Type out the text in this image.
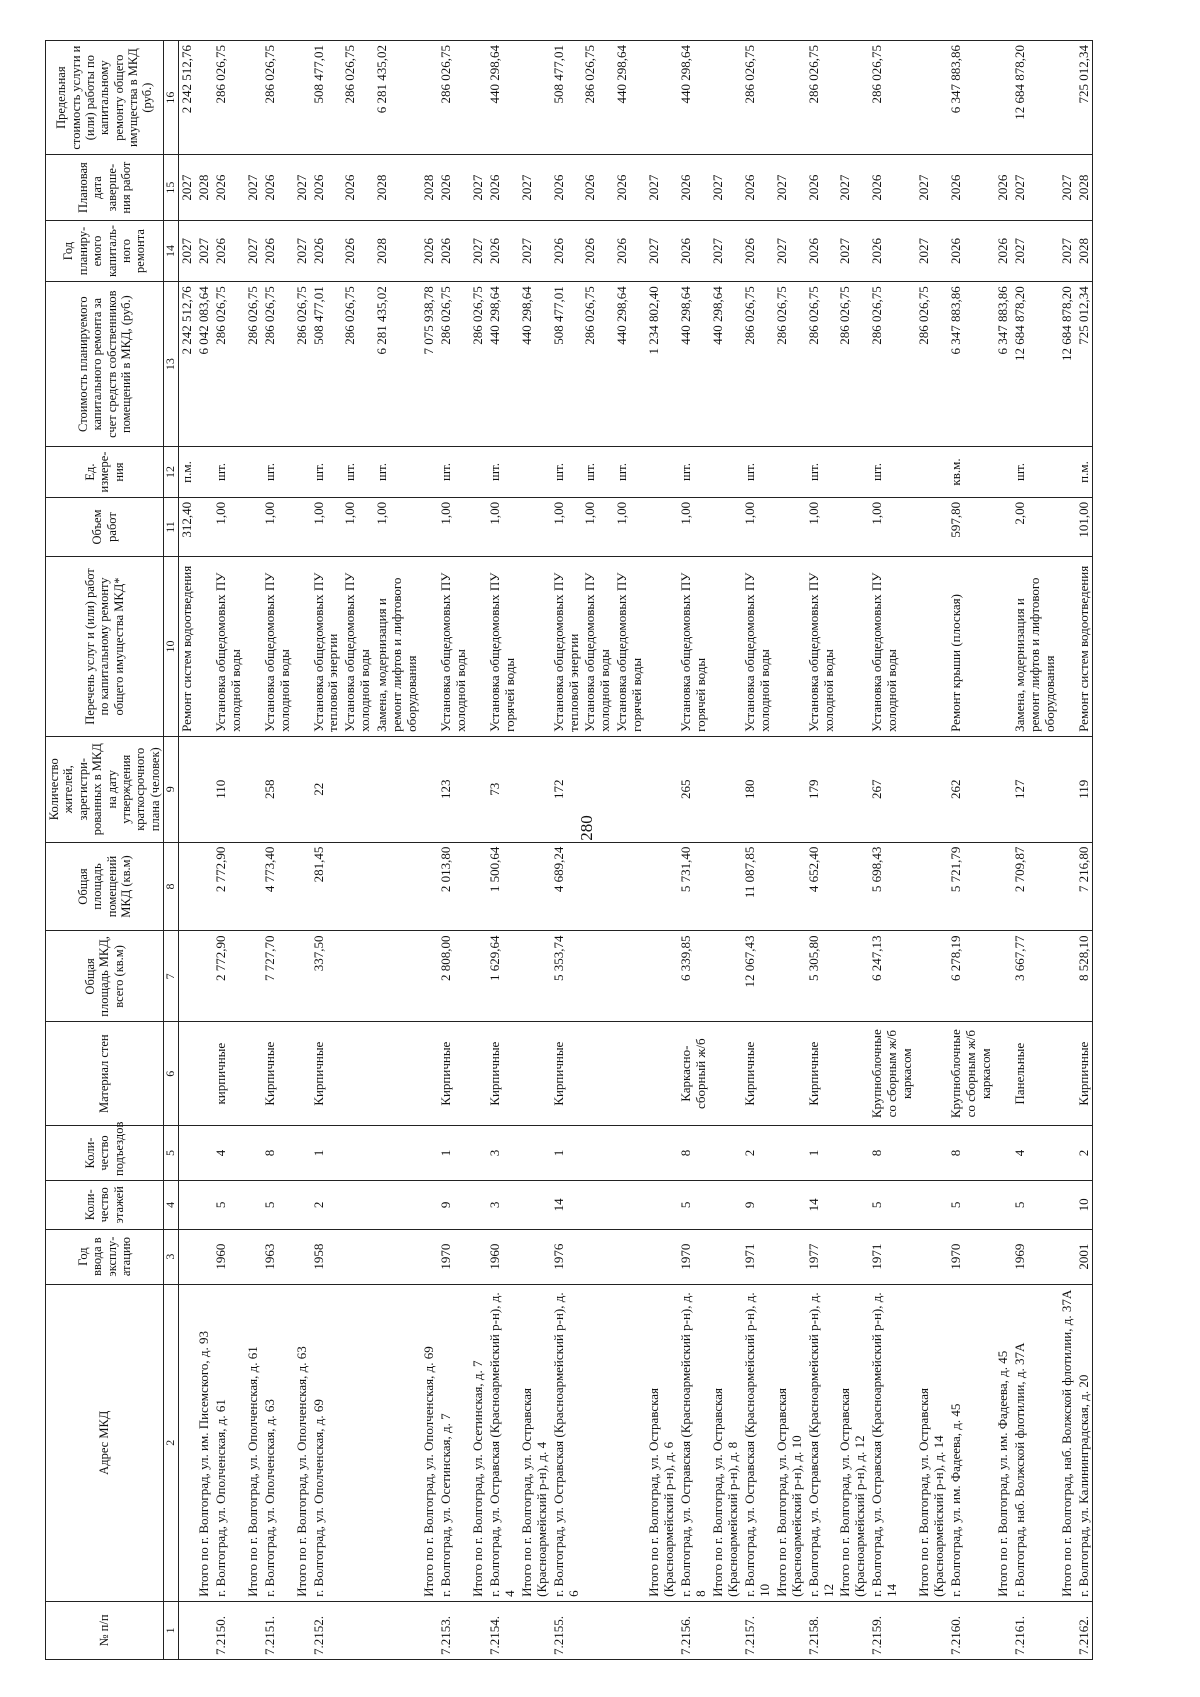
280
№ п/п	Адрес МКД	Год ввода в эксплу-атацию	Коли-чество этажей	Коли-чество подъездов	Материал стен	Общая площадь МКД, всего (кв.м)	Общая площадь помещений МКД (кв.м)	Количество жителей, зарегистри-рованных в МКД на дату утверждения краткосрочного плана (человек)	Перечень услуг и (или) работ по капитальному ремонту общего имущества МКД*	Объем работ	Ед. измере-ния	Стоимость планируемого капитального ремонта за счет средств собственников помещений в МКД, (руб.)	Год планиру-емого капиталь-ного ремонта	Плановая дата заверше-ния работ	Предельная стоимость услуги и (или) работы по капитальному ремонту общего имущества в МКД (руб.)
1	2	3	4	5	6	7	8	9	10	11	12	13	14	15	16
									Ремонт систем водоотведения	312,40	п.м.	2 242 512,76	2027	2027	2 242 512,76
	Итого по г. Волгоград, ул. им. Писемского, д. 93											6 042 083,64	2027	2028	
7.2150.	г. Волгоград, ул. Ополченская, д. 61	1960	5	4	кирпичные	2 772,90	2 772,90	110	Установка общедомовых ПУ холодной воды	1,00	шт.	286 026,75	2026	2026	286 026,75
	Итого по г. Волгоград, ул. Ополченская, д. 61											286 026,75	2027	2027	
7.2151.	г. Волгоград, ул. Ополченская, д. 63	1963	5	8	Кирпичные	7 727,70	4 773,40	258	Установка общедомовых ПУ холодной воды	1,00	шт.	286 026,75	2026	2026	286 026,75
	Итого по г. Волгоград, ул. Ополченская, д. 63											286 026,75	2027	2027	
7.2152.	г. Волгоград, ул. Ополченская, д. 69	1958	2	1	Кирпичные	337,50	281,45	22	Установка общедомовых ПУ тепловой энергии	1,00	шт.	508 477,01	2026	2026	508 477,01
									Установка общедомовых ПУ холодной воды	1,00	шт.	286 026,75	2026	2026	286 026,75
									Замена, модернизация и ремонт лифтов и лифтового оборудования	1,00	шт.	6 281 435,02	2028	2028	6 281 435,02
	Итого по г. Волгоград, ул. Ополченская, д. 69											7 075 938,78	2026	2028	
7.2153.	г. Волгоград, ул. Осетинская, д. 7	1970	9	1	Кирпичные	2 808,00	2 013,80	123	Установка общедомовых ПУ холодной воды	1,00	шт.	286 026,75	2026	2026	286 026,75
	Итого по г. Волгоград, ул. Осетинская, д. 7											286 026,75	2027	2027	
7.2154.	г. Волгоград, ул. Остравская (Красноармейский р-н), д. 4	1960	3	3	Кирпичные	1 629,64	1 500,64	73	Установка общедомовых ПУ горячей воды	1,00	шт.	440 298,64	2026	2026	440 298,64
	Итого по г. Волгоград, ул. Остравская (Красноармейский р-н), д. 4											440 298,64	2027	2027	
7.2155.	г. Волгоград, ул. Остравская (Красноармейский р-н), д. 6	1976	14	1	Кирпичные	5 353,74	4 689,24	172	Установка общедомовых ПУ тепловой энергии	1,00	шт.	508 477,01	2026	2026	508 477,01
									Установка общедомовых ПУ холодной воды	1,00	шт.	286 026,75	2026	2026	286 026,75
									Установка общедомовых ПУ горячей воды	1,00	шт.	440 298,64	2026	2026	440 298,64
	Итого по г. Волгоград, ул. Остравская (Красноармейский р-н), д. 6											1 234 802,40	2027	2027	
7.2156.	г. Волгоград, ул. Остравская (Красноармейский р-н), д. 8	1970	5	8	Каркасно-сборный ж/б	6 339,85	5 731,40	265	Установка общедомовых ПУ горячей воды	1,00	шт.	440 298,64	2026	2026	440 298,64
	Итого по г. Волгоград, ул. Остравская (Красноармейский р-н), д. 8											440 298,64	2027	2027	
7.2157.	г. Волгоград, ул. Остравская (Красноармейский р-н), д. 10	1971	9	2	Кирпичные	12 067,43	11 087,85	180	Установка общедомовых ПУ холодной воды	1,00	шт.	286 026,75	2026	2026	286 026,75
	Итого по г. Волгоград, ул. Остравская (Красноармейский р-н), д. 10											286 026,75	2027	2027	
7.2158.	г. Волгоград, ул. Остравская (Красноармейский р-н), д. 12	1977	14	1	Кирпичные	5 305,80	4 652,40	179	Установка общедомовых ПУ холодной воды	1,00	шт.	286 026,75	2026	2026	286 026,75
	Итого по г. Волгоград, ул. Остравская (Красноармейский р-н), д. 12											286 026,75	2027	2027	
7.2159.	г. Волгоград, ул. Остравская (Красноармейский р-н), д. 14	1971	5	8	Крупноблочные со сборным ж/б каркасом	6 247,13	5 698,43	267	Установка общедомовых ПУ холодной воды	1,00	шт.	286 026,75	2026	2026	286 026,75
	Итого по г. Волгоград, ул. Остравская (Красноармейский р-н), д. 14											286 026,75	2027	2027	
7.2160.	г. Волгоград, ул. им. Фадеева, д. 45	1970	5	8	Крупноблочные со сборным ж/б каркасом	6 278,19	5 721,79	262	Ремонт крыши (плоская)	597,80	кв.м.	6 347 883,86	2026	2026	6 347 883,86
	Итого по г. Волгоград, ул. им. Фадеева, д. 45											6 347 883,86	2026	2026	
7.2161.	г. Волгоград, наб. Волжской флотилии, д. 37А	1969	5	4	Панельные	3 667,77	2 709,87	127	Замена, модернизация и ремонт лифтов и лифтового оборудования	2,00	шт.	12 684 878,20	2027	2027	12 684 878,20
	Итого по г. Волгоград, наб. Волжской флотилии, д. 37А											12 684 878,20	2027	2027	
7.2162.	г. Волгоград, ул. Калининградская, д. 20	2001	10	2	Кирпичные	8 528,10	7 216,80	119	Ремонт систем водоотведения	101,00	п.м.	725 012,34	2028	2028	725 012,34
